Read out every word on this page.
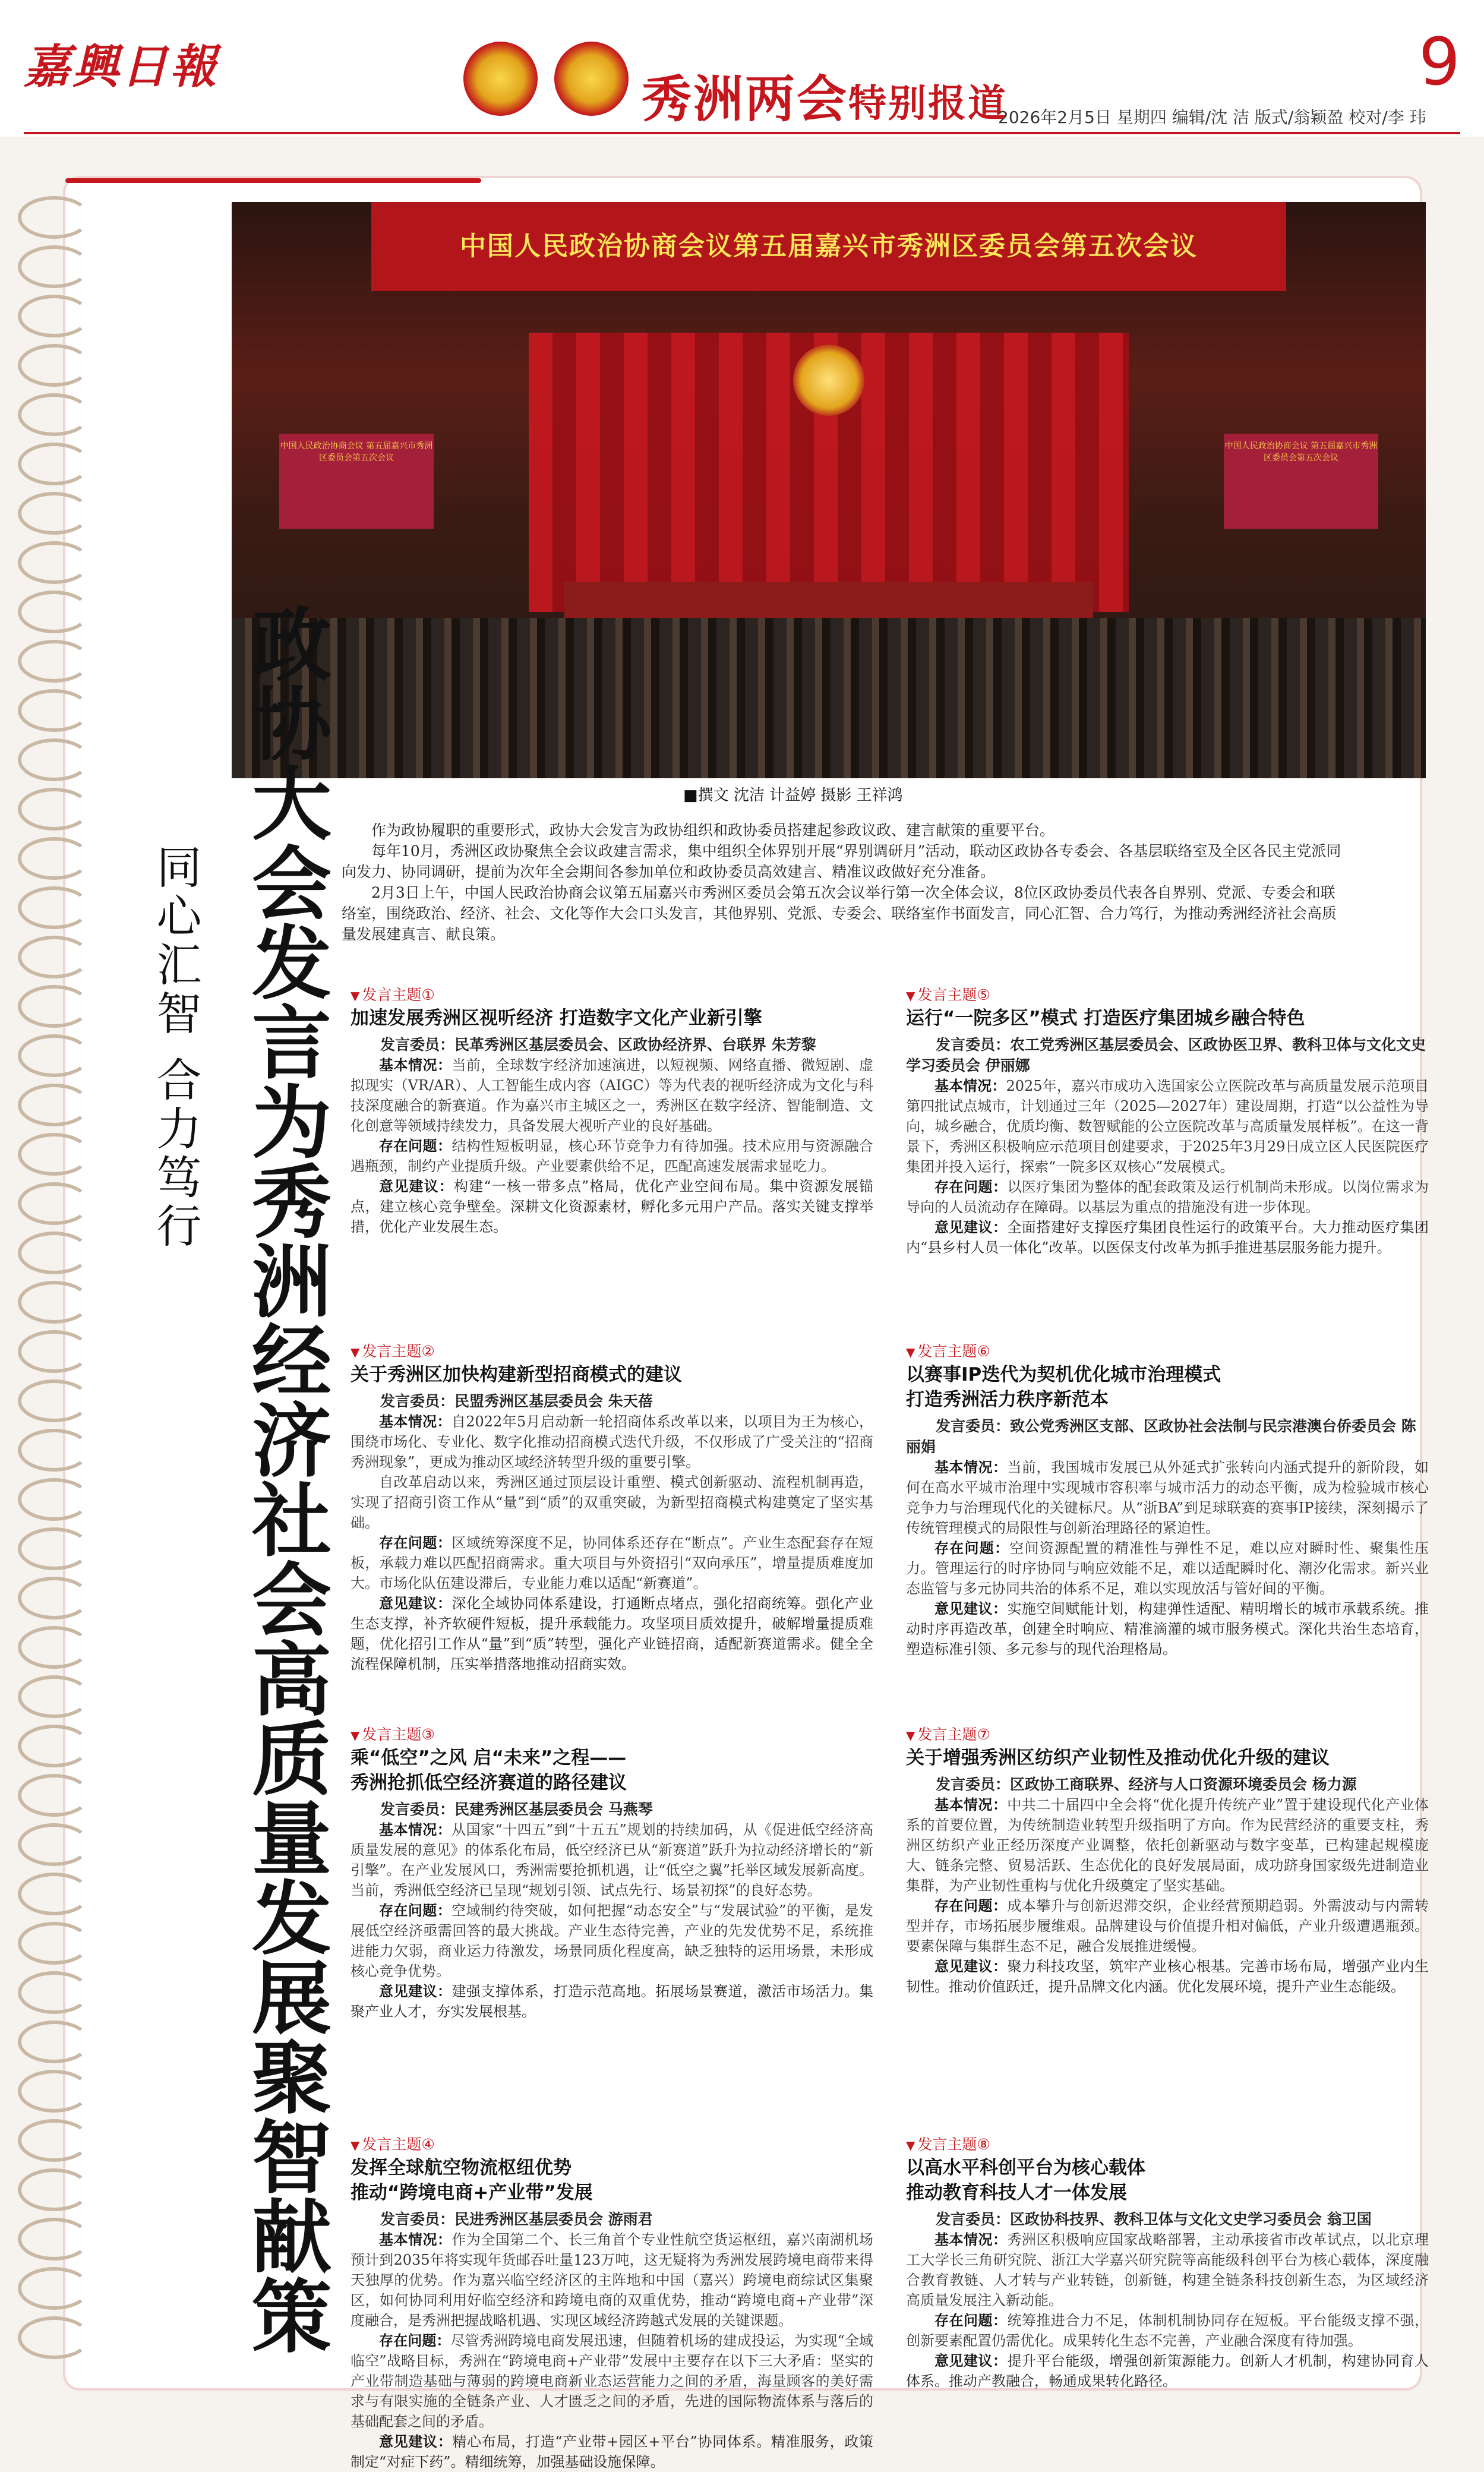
嘉興日報
秀洲两会特别报道
9
2026年2月5日 星期四 编辑/沈 洁 版式/翁颖盈 校对/李 玮
中国人民政治协商会议第五届嘉兴市秀洲区委员会第五次会议
中国人民政治协商会议 第五届嘉兴市秀洲区委员会第五次会议
中国人民政治协商会议 第五届嘉兴市秀洲区委员会第五次会议
■撰文 沈洁 计益婷 摄影 王祥鸿
政协大会发言为秀洲经济社会高质量发展聚智献策
同心汇智 合力笃行

作为政协履职的重要形式，政协大会发言为政协组织和政协委员搭建起参政议政、建言献策的重要平台。

每年10月，秀洲区政协聚焦全会议政建言需求，集中组织全体界别开展“界别调研月”活动，联动区政协各专委会、各基层联络室及全区各民主党派同向发力、协同调研，提前为次年全会期间各参加单位和政协委员高效建言、精准议政做好充分准备。

2月3日上午，中国人民政治协商会议第五届嘉兴市秀洲区委员会第五次会议举行第一次全体会议，8位区政协委员代表各自界别、党派、专委会和联络室，围绕政治、经济、社会、文化等作大会口头发言，其他界别、党派、专委会、联络室作书面发言，同心汇智、合力笃行，为推动秀洲经济社会高质量发展建真言、献良策。

▼ 发言主题①
加速发展秀洲区视听经济 打造数字文化产业新引擎
发言委员：民革秀洲区基层委员会、区政协经济界、台联界 朱芳黎

基本情况：当前，全球数字经济加速演进，以短视频、网络直播、微短剧、虚拟现实（VR/AR）、人工智能生成内容（AIGC）等为代表的视听经济成为文化与科技深度融合的新赛道。作为嘉兴市主城区之一，秀洲区在数字经济、智能制造、文化创意等领域持续发力，具备发展大视听产业的良好基础。

存在问题：结构性短板明显，核心环节竞争力有待加强。技术应用与资源融合遇瓶颈，制约产业提质升级。产业要素供给不足，匹配高速发展需求显吃力。

意见建议：构建“一核一带多点”格局，优化产业空间布局。集中资源发展锚点，建立核心竞争壁垒。深耕文化资源素材，孵化多元用户产品。落实关键支撑举措，优化产业发展生态。

▼ 发言主题②
关于秀洲区加快构建新型招商模式的建议
发言委员：民盟秀洲区基层委员会 朱天蓓

基本情况：自2022年5月启动新一轮招商体系改革以来，以项目为王为核心，围绕市场化、专业化、数字化推动招商模式迭代升级，不仅形成了广受关注的“招商秀洲现象”，更成为推动区域经济转型升级的重要引擎。

自改革启动以来，秀洲区通过顶层设计重塑、模式创新驱动、流程机制再造，实现了招商引资工作从“量”到“质”的双重突破，为新型招商模式构建奠定了坚实基础。

存在问题：区域统筹深度不足，协同体系还存在“断点”。产业生态配套存在短板，承载力难以匹配招商需求。重大项目与外资招引“双向承压”，增量提质难度加大。市场化队伍建设滞后，专业能力难以适配“新赛道”。

意见建议：深化全域协同体系建设，打通断点堵点，强化招商统筹。强化产业生态支撑，补齐软硬件短板，提升承载能力。攻坚项目质效提升，破解增量提质难题，优化招引工作从“量”到“质”转型，强化产业链招商，适配新赛道需求。健全全流程保障机制，压实举措落地推动招商实效。

▼ 发言主题③
乘“低空”之风 启“未来”之程——
秀洲抢抓低空经济赛道的路径建议
发言委员：民建秀洲区基层委员会 马燕琴

基本情况：从国家“十四五”到“十五五”规划的持续加码，从《促进低空经济高质量发展的意见》的体系化布局，低空经济已从“新赛道”跃升为拉动经济增长的“新引擎”。在产业发展风口，秀洲需要抢抓机遇，让“低空之翼”托举区域发展新高度。当前，秀洲低空经济已呈现“规划引领、试点先行、场景初探”的良好态势。

存在问题：空域制约待突破，如何把握“动态安全”与“发展试验”的平衡，是发展低空经济亟需回答的最大挑战。产业生态待完善，产业的先发优势不足，系统推进能力欠弱，商业运力待激发，场景同质化程度高，缺乏独特的运用场景，未形成核心竞争优势。

意见建议：建强支撑体系，打造示范高地。拓展场景赛道，激活市场活力。集聚产业人才，夯实发展根基。

▼ 发言主题④
发挥全球航空物流枢纽优势
推动“跨境电商+产业带”发展
发言委员：民进秀洲区基层委员会 游雨君

基本情况：作为全国第二个、长三角首个专业性航空货运枢纽，嘉兴南湖机场预计到2035年将实现年货邮吞吐量123万吨，这无疑将为秀洲发展跨境电商带来得天独厚的优势。作为嘉兴临空经济区的主阵地和中国（嘉兴）跨境电商综试区集聚区，如何协同利用好临空经济和跨境电商的双重优势，推动“跨境电商+产业带”深度融合，是秀洲把握战略机遇、实现区域经济跨越式发展的关键课题。

存在问题：尽管秀洲跨境电商发展迅速，但随着机场的建成投运，为实现“全域临空”战略目标，秀洲在“跨境电商+产业带”发展中主要存在以下三大矛盾：坚实的产业带制造基础与薄弱的跨境电商新业态运营能力之间的矛盾，海量顾客的美好需求与有限实施的全链条产业、人才匮乏之间的矛盾，先进的国际物流体系与落后的基础配套之间的矛盾。

意见建议：精心布局，打造“产业带+园区+平台”协同体系。精准服务，政策制定“对症下药”。精细统筹，加强基础设施保障。

▼ 发言主题⑤
运行“一院多区”模式 打造医疗集团城乡融合特色
发言委员：农工党秀洲区基层委员会、区政协医卫界、教科卫体与文化文史学习委员会 伊丽娜

基本情况：2025年，嘉兴市成功入选国家公立医院改革与高质量发展示范项目第四批试点城市，计划通过三年（2025—2027年）建设周期，打造“以公益性为导向，城乡融合，优质均衡、数智赋能的公立医院改革与高质量发展样板”。在这一背景下，秀洲区积极响应示范项目创建要求，于2025年3月29日成立区人民医院医疗集团并投入运行，探索“一院多区双核心”发展模式。

存在问题：以医疗集团为整体的配套政策及运行机制尚未形成。以岗位需求为导向的人员流动存在障碍。以基层为重点的措施没有进一步体现。

意见建议：全面搭建好支撑医疗集团良性运行的政策平台。大力推动医疗集团内“县乡村人员一体化”改革。以医保支付改革为抓手推进基层服务能力提升。

▼ 发言主题⑥
以赛事IP迭代为契机优化城市治理模式
打造秀洲活力秩序新范本
发言委员：致公党秀洲区支部、区政协社会法制与民宗港澳台侨委员会 陈丽娟

基本情况：当前，我国城市发展已从外延式扩张转向内涵式提升的新阶段，如何在高水平城市治理中实现城市容积率与城市活力的动态平衡，成为检验城市核心竞争力与治理现代化的关键标尺。从“浙BA”到足球联赛的赛事IP接续，深刻揭示了传统管理模式的局限性与创新治理路径的紧迫性。

存在问题：空间资源配置的精准性与弹性不足，难以应对瞬时性、聚集性压力。管理运行的时序协同与响应效能不足，难以适配瞬时化、潮汐化需求。新兴业态监管与多元协同共治的体系不足，难以实现放活与管好间的平衡。

意见建议：实施空间赋能计划，构建弹性适配、精明增长的城市承载系统。推动时序再造改革，创建全时响应、精准滴灌的城市服务模式。深化共治生态培育，塑造标准引领、多元参与的现代治理格局。

▼ 发言主题⑦
关于增强秀洲区纺织产业韧性及推动优化升级的建议
发言委员：区政协工商联界、经济与人口资源环境委员会 杨力源

基本情况：中共二十届四中全会将“优化提升传统产业”置于建设现代化产业体系的首要位置，为传统制造业转型升级指明了方向。作为民营经济的重要支柱，秀洲区纺织产业正经历深度产业调整，依托创新驱动与数字变革，已构建起规模庞大、链条完整、贸易活跃、生态优化的良好发展局面，成功跻身国家级先进制造业集群，为产业韧性重构与优化升级奠定了坚实基础。

存在问题：成本攀升与创新迟滞交织，企业经营预期趋弱。外需波动与内需转型并存，市场拓展步履维艰。品牌建设与价值提升相对偏低，产业升级遭遇瓶颈。要素保障与集群生态不足，融合发展推进缓慢。

意见建议：聚力科技攻坚，筑牢产业核心根基。完善市场布局，增强产业内生韧性。推动价值跃迁，提升品牌文化内涵。优化发展环境，提升产业生态能级。

▼ 发言主题⑧
以高水平科创平台为核心载体
推动教育科技人才一体发展
发言委员：区政协科技界、教科卫体与文化文史学习委员会 翁卫国

基本情况：秀洲区积极响应国家战略部署，主动承接省市改革试点，以北京理工大学长三角研究院、浙江大学嘉兴研究院等高能级科创平台为核心载体，深度融合教育教链、人才转与产业转链，创新链，构建全链条科技创新生态，为区域经济高质量发展注入新动能。

存在问题：统筹推进合力不足，体制机制协同存在短板。平台能级支撑不强，创新要素配置仍需优化。成果转化生态不完善，产业融合深度有待加强。

意见建议：提升平台能级，增强创新策源能力。创新人才机制，构建协同育人体系。推动产教融合，畅通成果转化路径。
